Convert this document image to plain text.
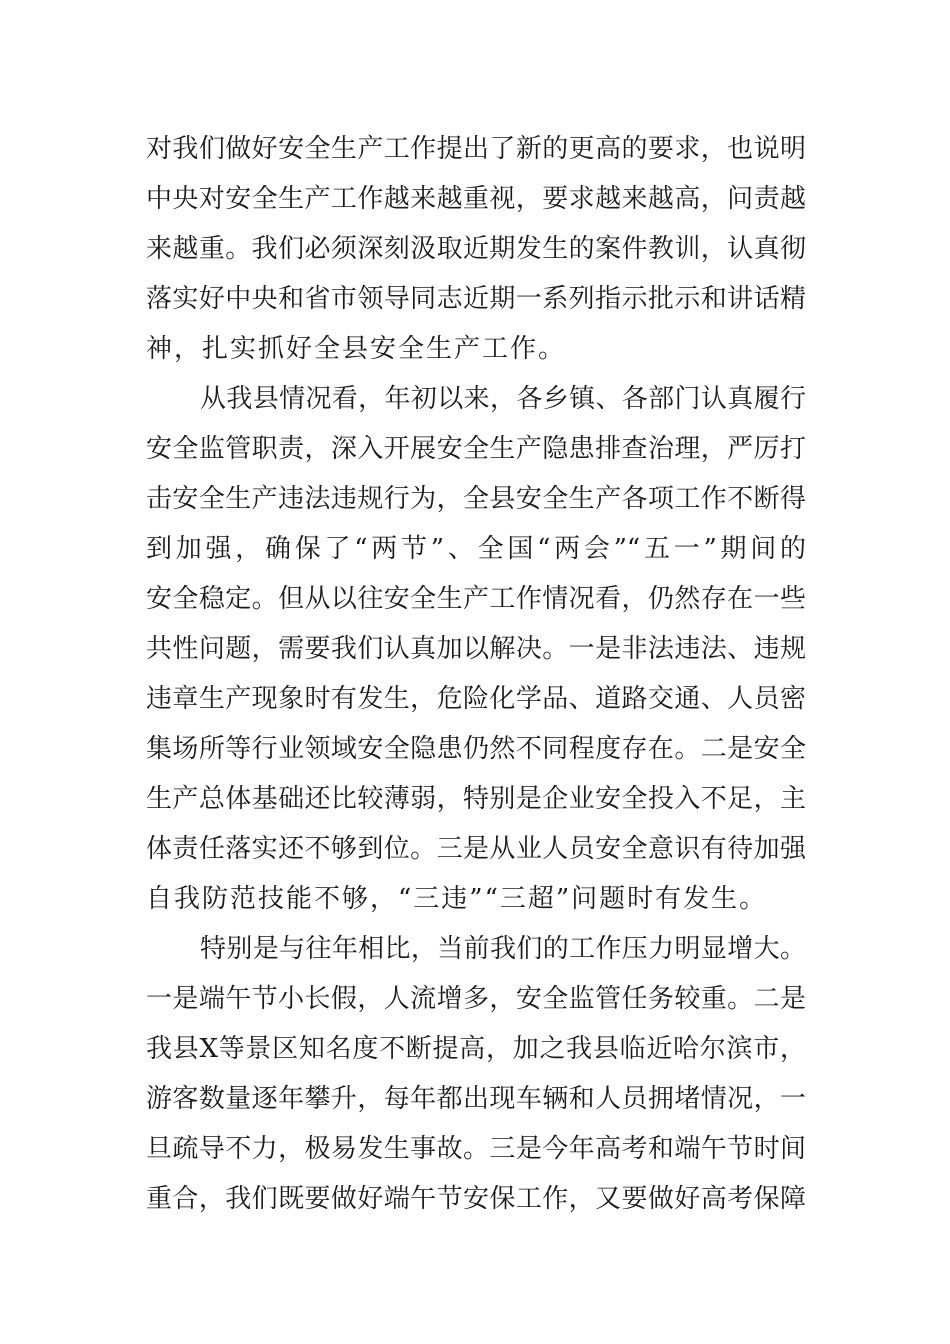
对我们做好安全生产工作提出了新的更高的要求，也说明
中央对安全生产工作越来越重视，要求越来越高，问责越
来越重。我们必须深刻汲取近期发生的案件教训，认真彻
落实好中央和省市领导同志近期一系列指示批示和讲话精
神，扎实抓好全县安全生产工作。
从我县情况看，年初以来，各乡镇、各部门认真履行
安全监管职责，深入开展安全生产隐患排查治理，严厉打
击安全生产违法违规行为，全县安全生产各项工作不断得
到加强，确保了“两节”、全国“两会”“五一”期间的
安全稳定。但从以往安全生产工作情况看，仍然存在一些
共性问题，需要我们认真加以解决。一是非法违法、违规
违章生产现象时有发生，危险化学品、道路交通、人员密
集场所等行业领域安全隐患仍然不同程度存在。二是安全
生产总体基础还比较薄弱，特别是企业安全投入不足，主
体责任落实还不够到位。三是从业人员安全意识有待加强
自我防范技能不够，“三违”“三超”问题时有发生。
特别是与往年相比，当前我们的工作压力明显增大。
一是端午节小长假，人流增多，安全监管任务较重。二是
我县X等景区知名度不断提高，加之我县临近哈尔滨市，
游客数量逐年攀升，每年都出现车辆和人员拥堵情况，一
旦疏导不力，极易发生事故。三是今年高考和端午节时间
重合，我们既要做好端午节安保工作，又要做好高考保障
